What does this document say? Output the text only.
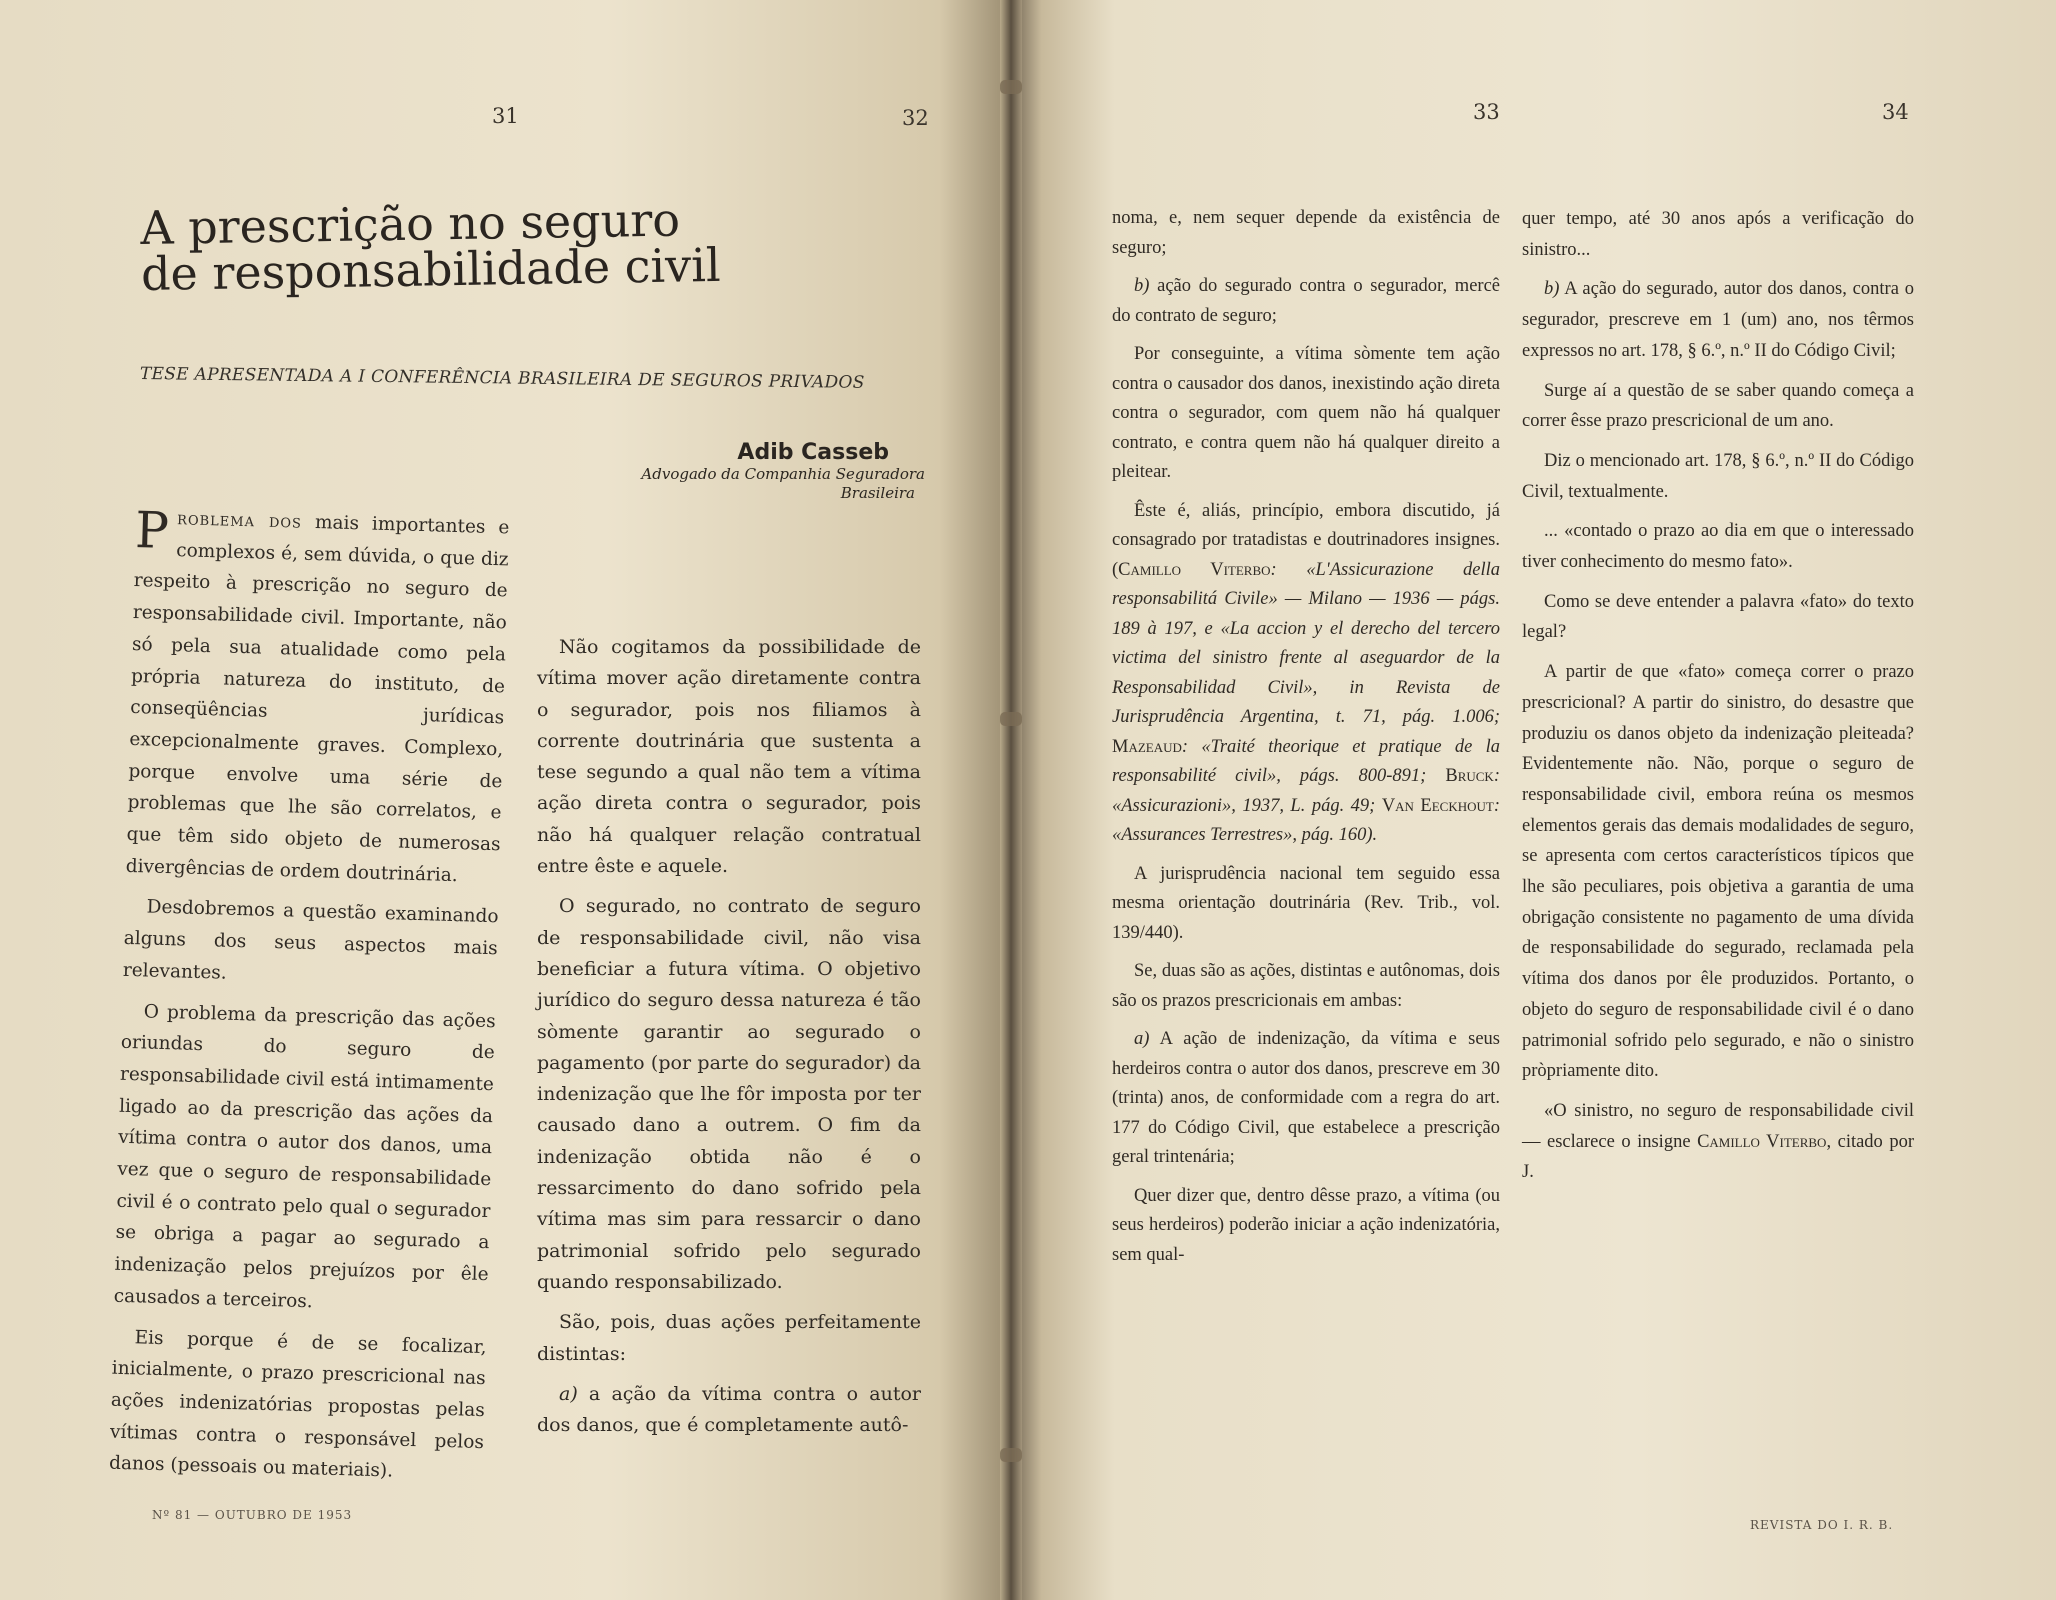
31	32
A prescrição no seguro
de responsabilidade civil
TESE APRESENTADA A I CONFERÊNCIA BRASILEIRA DE SEGUROS PRIVADOS
Adib Casseb
Advogado da Companhia Seguradora
Brasileira

Problema dos mais importantes e complexos é, sem dúvida, o que diz respeito à prescrição no seguro de responsabilidade civil. Importante, não só pela sua atualidade como pela própria natureza do instituto, de conseqüências jurídicas excepcionalmente graves. Complexo, porque envolve uma série de problemas que lhe são correlatos, e que têm sido objeto de numerosas divergências de ordem doutrinária.

Desdobremos a questão examinando alguns dos seus aspectos mais relevantes.

O problema da prescrição das ações oriundas do seguro de responsabilidade civil está intimamente ligado ao da prescrição das ações da vítima contra o autor dos danos, uma vez que o seguro de responsabilidade civil é o contrato pelo qual o segurador se obriga a pagar ao segurado a indenização pelos prejuízos por êle causados a terceiros.

Eis porque é de se focalizar, inicialmente, o prazo prescricional nas ações indenizatórias propostas pelas vítimas contra o responsável pelos danos (pessoais ou materiais).

Não cogitamos da possibilidade de vítima mover ação diretamente contra o segurador, pois nos filiamos à corrente doutrinária que sustenta a tese segundo a qual não tem a vítima ação direta contra o segurador, pois não há qualquer relação contratual entre êste e aquele.

O segurado, no contrato de seguro de responsabilidade civil, não visa beneficiar a futura vítima. O objetivo jurídico do seguro dessa natureza é tão sòmente garantir ao segurado o pagamento (por parte do segurador) da indenização que lhe fôr imposta por ter causado dano a outrem. O fim da indenização obtida não é o ressarcimento do dano sofrido pela vítima mas sim para ressarcir o dano patrimonial sofrido pelo segurado quando responsabilizado.

São, pois, duas ações perfeitamente distintas:

a) a ação da vítima contra o autor dos danos, que é completamente autô-

Nº 81 — OUTUBRO DE 1953
33	34
REVISTA DO I. R. B.

noma, e, nem sequer depende da existência de seguro;

b) ação do segurado contra o segurador, mercê do contrato de seguro;

Por conseguinte, a vítima sòmente tem ação contra o causador dos danos, inexistindo ação direta contra o segurador, com quem não há qualquer contrato, e contra quem não há qualquer direito a pleitear.

Êste é, aliás, princípio, embora discutido, já consagrado por tratadistas e doutrinadores insignes. (Camillo Viterbo: «L'Assicurazione della responsabilitá Civile» — Milano — 1936 — págs. 189 à 197, e «La accion y el derecho del tercero victima del sinistro frente al aseguardor de la Responsabilidad Civil», in Revista de Jurisprudência Argentina, t. 71, pág. 1.006; Mazeaud: «Traité theorique et pratique de la responsabilité civil», págs. 800-891; Bruck: «Assicurazioni», 1937, L. pág. 49; Van Eeckhout: «Assurances Terrestres», pág. 160).

A jurisprudência nacional tem seguido essa mesma orientação doutrinária (Rev. Trib., vol. 139/440).

Se, duas são as ações, distintas e autônomas, dois são os prazos prescricionais em ambas:

a) A ação de indenização, da vítima e seus herdeiros contra o autor dos danos, prescreve em 30 (trinta) anos, de conformidade com a regra do art. 177 do Código Civil, que estabelece a prescrição geral trintenária;

Quer dizer que, dentro dêsse prazo, a vítima (ou seus herdeiros) poderão iniciar a ação indenizatória, sem qual-

quer tempo, até 30 anos após a verificação do sinistro...

b) A ação do segurado, autor dos danos, contra o segurador, prescreve em 1 (um) ano, nos têrmos expressos no art. 178, § 6.º, n.º II do Código Civil;

Surge aí a questão de se saber quando começa a correr êsse prazo prescricional de um ano.

Diz o mencionado art. 178, § 6.º, n.º II do Código Civil, textualmente.

... «contado o prazo ao dia em que o interessado tiver conhecimento do mesmo fato».

Como se deve entender a palavra «fato» do texto legal?

A partir de que «fato» começa correr o prazo prescricional? A partir do sinistro, do desastre que produziu os danos objeto da indenização pleiteada? Evidentemente não. Não, porque o seguro de responsabilidade civil, embora reúna os mesmos elementos gerais das demais modalidades de seguro, se apresenta com certos característicos típicos que lhe são peculiares, pois objetiva a garantia de uma obrigação consistente no pagamento de uma dívida de responsabilidade do segurado, reclamada pela vítima dos danos por êle produzidos. Portanto, o objeto do seguro de responsabilidade civil é o dano patrimonial sofrido pelo segurado, e não o sinistro pròpriamente dito.

«O sinistro, no seguro de responsabilidade civil — esclarece o insigne Camillo Viterbo, citado por J.
